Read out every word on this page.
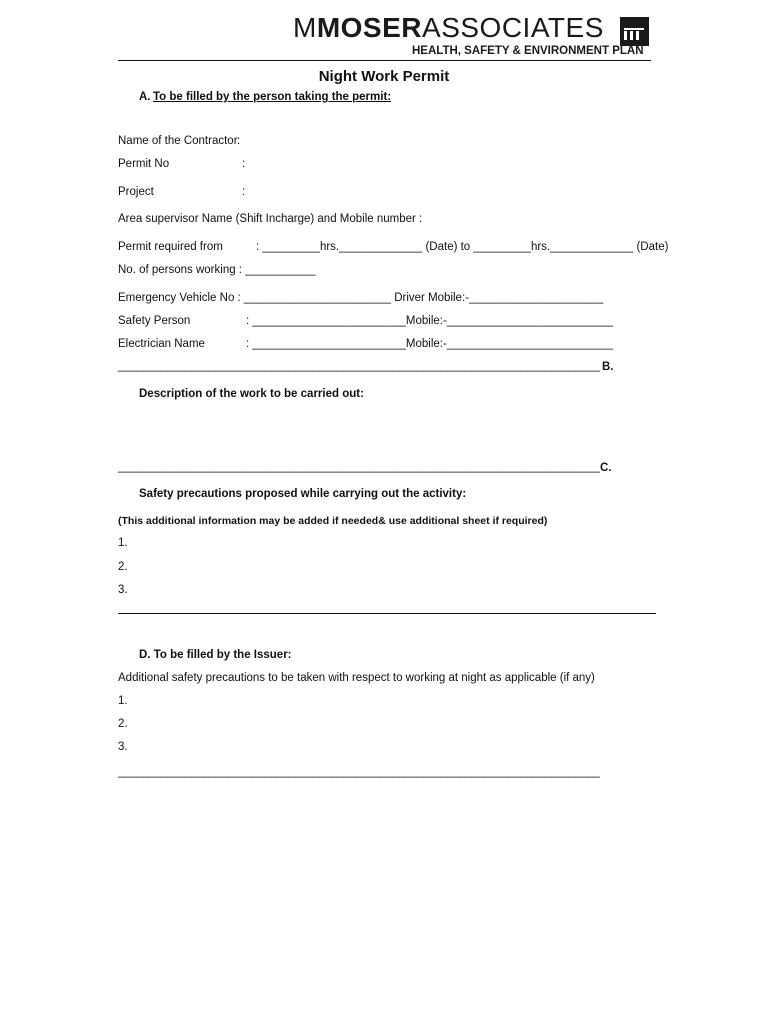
MMOSERASSOCIATES
HEALTH, SAFETY & ENVIRONMENT PLAN
Night Work Permit
A. To be filled by the person taking the permit:
Name of the Contractor :
Permit No	:
Project	:
Area supervisor Name (Shift Incharge) and Mobile number :
Permit required from	: _________hrs._____________ (Date) to _________hrs._____________ (Date)
No. of persons working : ___________
Emergency Vehicle No : _______________________ Driver Mobile:-_____________________
Safety Person	: ________________________Mobile:-__________________________
Electrician Name	: ________________________Mobile:-__________________________
_______________________________________________________________________________ B.
Description of the work to be carried out:
_______________________________________________________________________________ C.
Safety precautions proposed while carrying out the activity:
(This additional information may be added if needed& use additional sheet if required)
1.
2.
3.
D. To be filled by the Issuer:
Additional safety precautions to be taken with respect to working at night as applicable (if any)
1.
2.
3.
_______________________________________________________________________________
